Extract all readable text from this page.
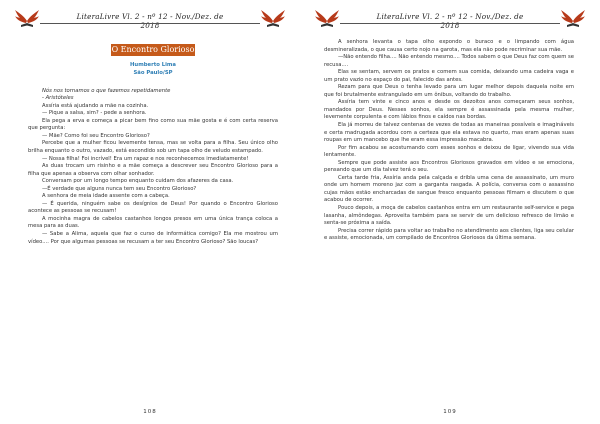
LiteraLivre Vl. 2 - nº 12 - Nov./Dez. de 2018
O Encontro Glorioso
Humberto Lima
São Paulo/SP

Nós nos tornamos o que fazemos repetidamente

- Aristóteles

Assíria está ajudando a mãe na cozinha.

— Pique a salsa, sim? - pede a senhora.

Ela pega a erva e começa a picar bem fino como sua mãe gosta e é com certa reserva que pergunta:

— Mãe? Como foi seu Encontro Glorioso?

Percebe que a mulher ficou levemente tensa, mas se volta para a filha. Seu único olho brilha enquanto o outro, vazado, está escondido sob um tapa olho de veludo estampado.

— Nossa filha! Foi incrível! Era um rapaz e nos reconhecemos imediatamente!

As duas trocam um risinho e a mãe começa a descrever seu Encontro Glorioso para a filha que apenas a observa com olhar sonhador.

Conversam por um longo tempo enquanto cuidam dos afazeres da casa.

—É verdade que alguns nunca tem seu Encontro Glorioso?

A senhora de meia idade assente com a cabeça.

— É querida, ninguém sabe os desígnios de Deus! Por quando o Encontro Glorioso acontece as pessoas se recusam!

A mocinha magra de cabelos castanhos longos presos em uma única trança coloca a mesa para as duas.

— Sabe a Alima, aquela que faz o curso de informática comigo? Ela me mostrou um vídeo.... Por que algumas pessoas se recusam a ter seu Encontro Glorioso? São loucas?

108
LiteraLivre Vl. 2 - nº 12 - Nov./Dez. de 2018

A senhora levanta o tapa olho expondo o buraco e o limpando com água desmineralizada, o que causa certo nojo na garota, mas ela não pode recriminar sua mãe.

—Não entendo filha.... Não entendo mesmo.... Todos sabem o que Deus faz com quem se recusa....

Elas se sentam, servem os pratos e comem sua comida, deixando uma cadeira vaga e um prato vazio no espaço do pai, falecido das antes.

Rezam para que Deus o tenha levado para um lugar melhor depois daquela noite em que foi brutalmente estrangulado em um ônibus, voltando do trabalho.

Assíria tem vinte e cinco anos e desde os dezoitos anos começaram seus sonhos, mandados por Deus. Nesses sonhos, ela sempre é assassinada pela mesma mulher, levemente corpulenta e com lábios finos e caídos nas bordas.

Ela já morreu de talvez centenas de vezes de todas as maneiras possíveis e imagináveis e certa madrugada acordou com a certeza que ela estava no quarto, mas eram apenas suas roupas em um mancebo que lhe eram essa impressão macabra.

Por fim acabou se acostumando com esses sonhos e deixou de ligar, vivendo sua vida lentamente.

Sempre que pode assiste aos Encontros Gloriosos gravados em vídeo e se emociona, pensando que um dia talvez terá o seu.

Certa tarde fria, Assíria anda pela calçada e dribla uma cena de assassinato, um muro onde um homem moreno jaz com a garganta rasgada. A polícia, conversa com o assassino cujas mãos estão encharcadas de sangue fresco enquanto pessoas filmam e discutem o que acabou de ocorrer.

Pouco depois, a moça de cabelos castanhos entra em um restaurante self-service e pega lasanha, almôndegas. Aproveita também para se servir de um delicioso refresco de limão e senta-se próxima a saída.

Precisa correr rápido para voltar ao trabalho no atendimento aos clientes, liga seu celular e assiste, emocionada, um compilado de Encontros Gloriosos da última semana.

109
